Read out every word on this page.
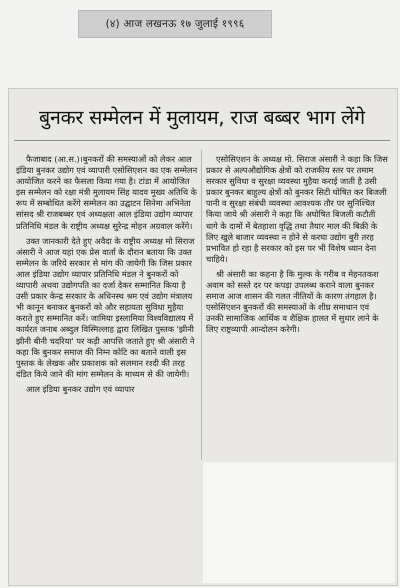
(४) आज लखनऊ १७ जुलाई १९९६
बुनकर सम्मेलन में मुलायम, राज बब्बर भाग लेंगे

फैजाबाद (आ.स.)।बुनकरों की समस्याओं को लेकर आल इंडिया बुनकर उद्योग एवं व्यापारी एसोसिएशन का एक सम्मेलन आयोजित करने का फैसला किया गया है। टांडा में आयोजित इस सम्मेलन को रक्षा मंत्री मुलायम सिंह यादव मुख्य अतिथि के रूप में सम्बोधित करेंगे सम्मेलन का उद्घाटन सिनेमा अभिनेता सांसद श्री राजबब्बर एवं अध्यक्षता आल इंडिया उद्योग व्यापार प्रतिनिधि मंडल के राष्ट्रीय अध्यक्ष सुरेन्द्र मोहन अग्रवाल करेंगे।

उक्त जानकारी देते हुए अवैदा के राष्ट्रीय अध्यक्ष मो सिराज अंसारी ने आज यहां एक प्रेस वार्ता के दौरान बताया कि उक्त सम्मेलन के जरिये सरकार से मांग की जायेगी कि जिस प्रकार आल इंडिया उद्योग व्यापार प्रतिनिधि मंडल ने बुनकरों को व्यापारी अथवा उद्योगपति का दर्जा देकर सम्मानित किया है उसी प्रकार केन्द्र सरकार के अधिनस्थ श्रम एवं उद्योग मंत्रालय भी कानून बनाकर बुनकरों को और सहायता सुविधा मुहैया कराते हुए सम्मानित करें। जामिया इस्लामिया विश्वविद्यालय में कार्यरत जनाब अब्दुल विस्मिल्लाह द्वारा लिखित पुस्तक 'झीनी झीनी बीनी चदरिया' पर कड़ी आपत्ति जताते हुए श्री अंसारी ने कहा कि बुनकर समाज की निम्न कोटि का बताने वाली इस पुस्तक के लेखक और प्रकाशक को सलमान रश्दी की तरह दंडित किये जाने की मांग सम्मेलन के माध्यम से की जायेगी।

आल इंडिया बुनकर उद्योग एवं व्यापार

एसोसिएशन के अध्यक्ष मो. सिराज अंसारी ने कहा कि जिस प्रकार से अल्पऔद्योगिक क्षेत्रों को राजकीय स्तर पर तमाम सरकार सुविधा व सुरक्षा व्यवस्था मुहैया कराई जाती है उसी प्रकार बुनकर बाहुल्य क्षेत्रों को बुनकर सिटी घोषित कर बिजली पानी व सुरक्षा संबंधी व्यवस्था आवश्यक तौर पर सुनिश्चित किया जाये श्री अंसारी ने कहा कि अघोषित बिजली कटौती धागे के दामों में बेतहाशा वृद्धि तथा तैयार माल की बिक्री के लिए खुले बाजार व्यवस्था न होने से करघा उद्योग बुरी तरह प्रभावित हो रहा है सरकार को इस पर भी विशेष ध्यान देना चाहिये।

श्री अंसारी का कहना है कि मुल्क के गरीब व मेहनतकश अवाम को सस्ते दर पर कपड़ा उपलब्ध कराने वाला बुनकर समाज आज शासन की गलत नीतियों के कारण तंगहाल है। एसोसिएशन बुनकरों की समस्याओं के शीघ्र समाधान एवं उनकी सामाजिक आर्थिक व शैक्षिक हालत में सुधार लाने के लिए राष्ट्रव्यापी आन्दोलन करेगी।
